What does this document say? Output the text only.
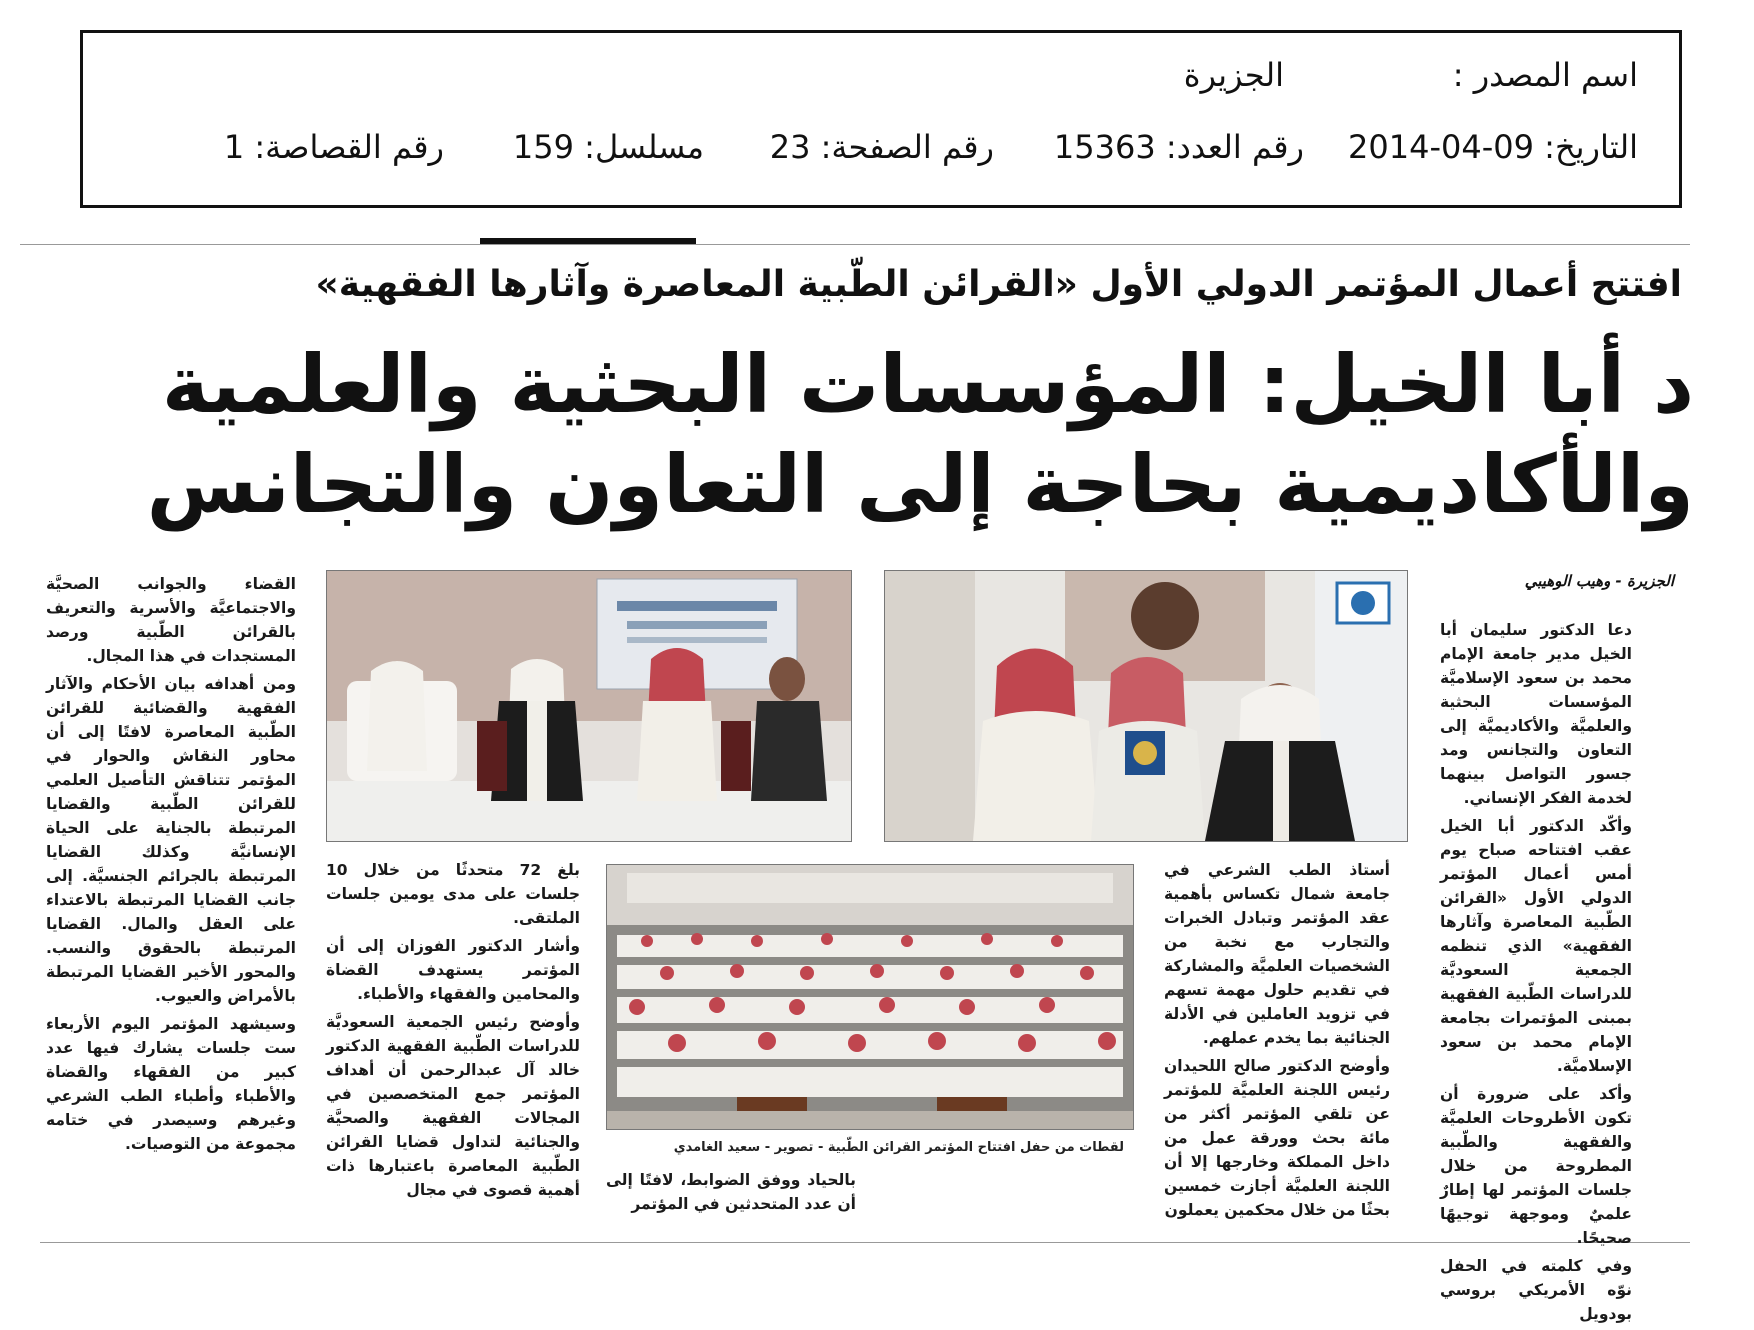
اسم المصدر :
الجزيرة
التاريخ: 09-04-2014
رقم العدد: 15363
رقم الصفحة: 23
مسلسل: 159
رقم القصاصة: 1
افتتح أعمال المؤتمر الدولي الأول «القرائن الطّبية المعاصرة وآثارها الفقهية»
د أبا الخيل: المؤسسات البحثية والعلمية
والأكاديمية بحاجة إلى التعاون والتجانس
الجزيرة - وهيب الوهيبي

دعا الدكتور سليمان أبا الخيل مدير جامعة الإمام محمد بن سعود الإسلاميَّة المؤسسات البحثية والعلميَّة والأكاديميَّة إلى التعاون والتجانس ومد جسور التواصل بينهما لخدمة الفكر الإنساني.

وأكّد الدكتور أبا الخيل عقب افتتاحه صباح يوم أمس أعمال المؤتمر الدولي الأول «القرائن الطّبية المعاصرة وآثارها الفقهية» الذي تنظمه الجمعية السعوديَّة للدراسات الطّبية الفقهية بمبنى المؤتمرات بجامعة الإمام محمد بن سعود الإسلاميَّة.

وأكد على ضرورة أن تكون الأطروحات العلميَّة والفقهية والطّبية المطروحة من خلال جلسات المؤتمر لها إطارٌ علميٌ وموجهة توجيهًا صحيحًا.

وفي كلمته في الحفل نوّه الأمريكي بروسي بودويل

لقطات من حفل افتتاح المؤتمر القرائن الطّبية - تصوير - سعيد الغامدي

أستاذ الطب الشرعي في جامعة شمال تكساس بأهمية عقد المؤتمر وتبادل الخبرات والتجارب مع نخبة من الشخصيات العلميَّة والمشاركة في تقديم حلول مهمة تسهم في تزويد العاملين في الأدلة الجنائية بما يخدم عملهم.

وأوضح الدكتور صالح اللحيدان رئيس اللجنة العلميَّة للمؤتمر عن تلقي المؤتمر أكثر من مائة بحث وورقة عمل من داخل المملكة وخارجها إلا أن اللجنة العلميَّة أجازت خمسين بحثًا من خلال محكمين يعملون

بالحياد ووفق الضوابط، لافتًا إلى أن عدد المتحدثين في المؤتمر

بلغ 72 متحدثًا من خلال 10 جلسات على مدى يومين جلسات الملتقى.

وأشار الدكتور الفوزان إلى أن المؤتمر يستهدف القضاة والمحامين والفقهاء والأطباء.

وأوضح رئيس الجمعية السعوديَّة للدراسات الطّبية الفقهية الدكتور خالد آل عبدالرحمن أن أهداف المؤتمر جمع المتخصصين في المجالات الفقهية والصحيَّة والجنائية لتداول قضايا القرائن الطّبية المعاصرة باعتبارها ذات أهمية قصوى في مجال

القضاء والجوانب الصحيَّة والاجتماعيَّة والأسرية والتعريف بالقرائن الطّبية ورصد المستجدات في هذا المجال.

ومن أهدافه بيان الأحكام والآثار الفقهية والقضائية للقرائن الطّبية المعاصرة لافتًا إلى أن محاور النقاش والحوار في المؤتمر تتناقش التأصيل العلمي للقرائن الطّبية والقضايا المرتبطة بالجناية على الحياة الإنسانيَّة وكذلك القضايا المرتبطة بالجرائم الجنسيَّة. إلى جانب القضايا المرتبطة بالاعتداء على العقل والمال. القضايا المرتبطة بالحقوق والنسب. والمحور الأخير القضايا المرتبطة بالأمراض والعيوب.

وسيشهد المؤتمر اليوم الأربعاء ست جلسات يشارك فيها عدد كبير من الفقهاء والقضاة والأطباء وأطباء الطب الشرعي وغيرهم وسيصدر في ختامه مجموعة من التوصيات.
